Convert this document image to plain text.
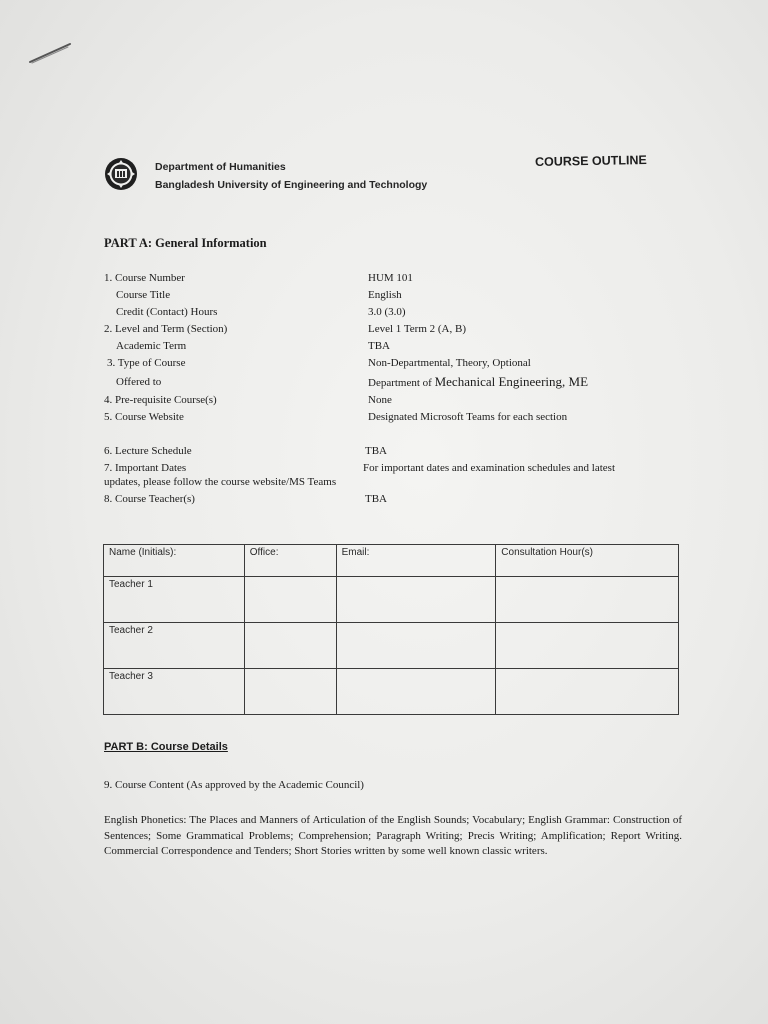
Department of Humanities
Bangladesh University of Engineering and Technology
COURSE OUTLINE
PART A: General Information
1. Course Number	HUM 101
Course Title	English
Credit (Contact) Hours	3.0 (3.0)
2. Level and Term (Section)	Level 1 Term 2 (A, B)
Academic Term	TBA
3. Type of Course	Non-Departmental, Theory, Optional
Offered to	Department of Mechanical Engineering, ME
4. Pre-requisite Course(s)	None
5. Course Website	Designated Microsoft Teams for each section
6. Lecture Schedule	TBA
7. Important Dates	For important dates and examination schedules and latest
updates, please follow the course website/MS Teams
8. Course Teacher(s)	TBA
Name (Initials):	Office:	Email:	Consultation Hour(s)
Teacher 1			
Teacher 2			
Teacher 3			
PART B: Course Details
9. Course Content (As approved by the Academic Council)
English Phonetics: The Places and Manners of Articulation of the English Sounds; Vocabulary; English Grammar: Construction of Sentences; Some Grammatical Problems; Comprehension; Paragraph Writing; Precis Writing; Amplification; Report Writing. Commercial Correspondence and Tenders; Short Stories written by some well known classic writers.
